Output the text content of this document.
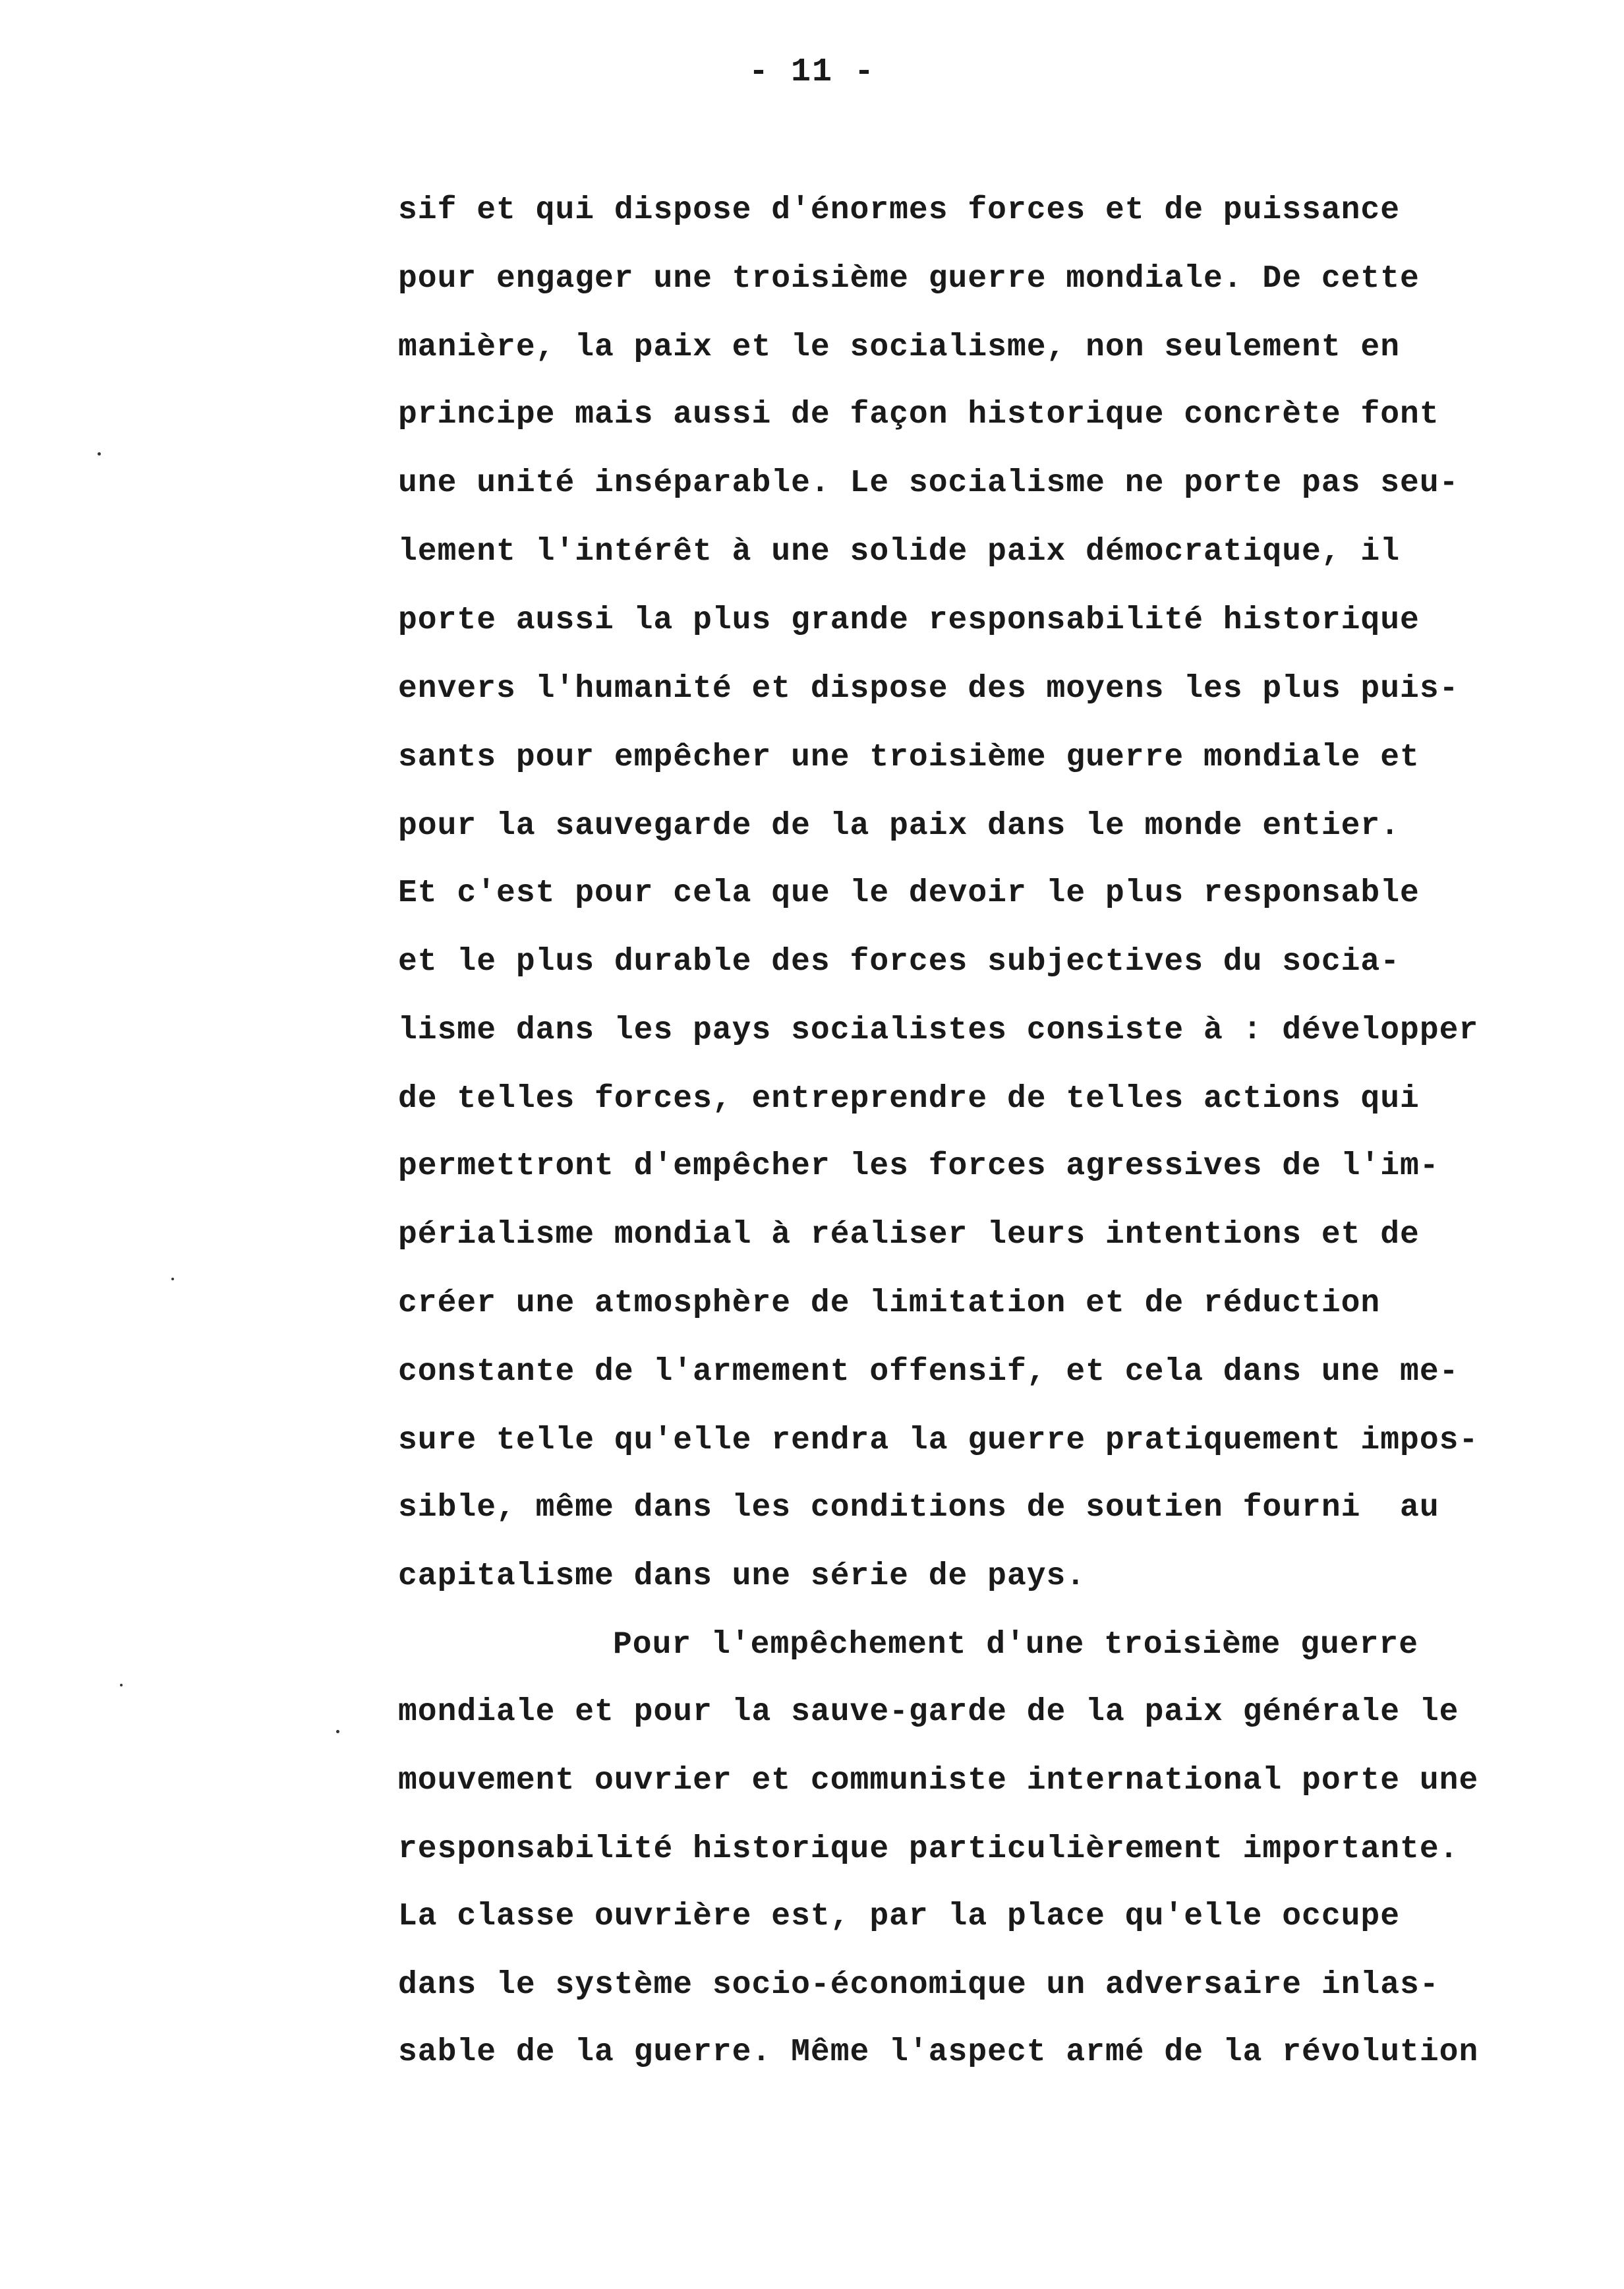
- 11 -
sif et qui dispose d'énormes forces et de puissance
pour engager une troisième guerre mondiale. De cette
manière, la paix et le socialisme, non seulement en
principe mais aussi de façon historique concrète font
une unité inséparable. Le socialisme ne porte pas seu-
lement l'intérêt à une solide paix démocratique, il
porte aussi la plus grande responsabilité historique
envers l'humanité et dispose des moyens les plus puis-
sants pour empêcher une troisième guerre mondiale et
pour la sauvegarde de la paix dans le monde entier.
Et c'est pour cela que le devoir le plus responsable
et le plus durable des forces subjectives du socia-
lisme dans les pays socialistes consiste à : développer
de telles forces, entreprendre de telles actions qui
permettront d'empêcher les forces agressives de l'im-
périalisme mondial à réaliser leurs intentions et de
créer une atmosphère de limitation et de réduction
constante de l'armement offensif, et cela dans une me-
sure telle qu'elle rendra la guerre pratiquement impos-
sible, même dans les conditions de soutien fourni  au
capitalisme dans une série de pays.
Pour l'empêchement d'une troisième guerre
mondiale et pour la sauve-garde de la paix générale le
mouvement ouvrier et communiste international porte une
responsabilité historique particulièrement importante.
La classe ouvrière est, par la place qu'elle occupe
dans le système socio-économique un adversaire inlas-
sable de la guerre. Même l'aspect armé de la révolution
